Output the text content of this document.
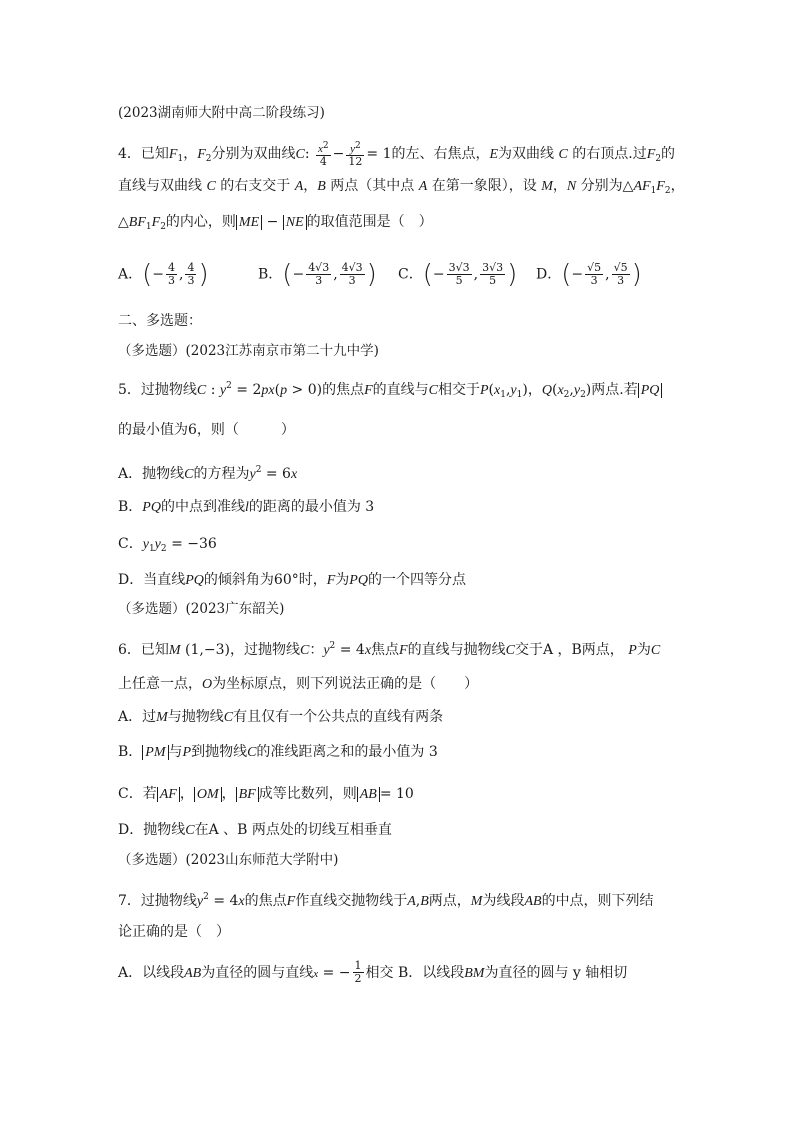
(2023湖南师大附中高二阶段练习)
4．已知$F_1$，$F_2$分别为双曲线C: $\frac{x^2}{4} - \frac{y^2}{12} = 1$的左、右焦点，E为双曲线 C 的右顶点.过$F_2$的
直线与双曲线 C 的右支交于 A，B 两点（其中点 A 在第一象限），设 M，N 分别为$\triangle AF_1F_2$，
$\triangle BF_1F_2$的内心，则 ME − NE 的取值范围是（　）
A．(− $\frac{4}{3}$ , $\frac{4}{3}$ )	B．(− $\frac{4√3}{3}$ , $\frac{4√3}{3}$ ) C．(− $\frac{3√3}{5}$ , $\frac{3√3}{5}$ ) D．(− $\frac{√5}{3}$ , $\frac{√5}{3}$ )
二、多选题：
（多选题）(2023江苏南京市第二十九中学)
5．过抛物线C : $y^2 = 2px(p > 0)$的焦点F的直线与C相交于$P(x_1,y_1)$，$Q(x_2,y_2)$两点.若 PQ
的最小值为6，则（　　　）
A．抛物线C的方程为$y^2 = 6x$
B．PQ的中点到准线l的距离的最小值为 3
C．$y_1y_2 = -36$
D．当直线PQ的倾斜角为60°时，F为PQ的一个四等分点
（多选题）(2023广东韶关)
6．已知M (1,−3)，过抛物线C：$y^2 = 4x$焦点F的直线与抛物线C交于A ，B两点， P为C
上任意一点，O为坐标原点，则下列说法正确的是（　　）
A．过M与抛物线C有且仅有一个公共点的直线有两条
B． PM 与P到抛物线C的准线距离之和的最小值为 3
C．若 AF ， OM ， BF 成等比数列，则 AB = 10
D．抛物线C在A 、B 两点处的切线互相垂直
（多选题）(2023山东师范大学附中)
7．过抛物线$y^2 = 4x$的焦点F作直线交抛物线于A,B两点，M为线段AB的中点，则下列结
论正确的是（　）
A．以线段AB为直径的圆与直线x = − $\frac{1}{2}$ 相交 B．以线段BM为直径的圆与 y 轴相切
